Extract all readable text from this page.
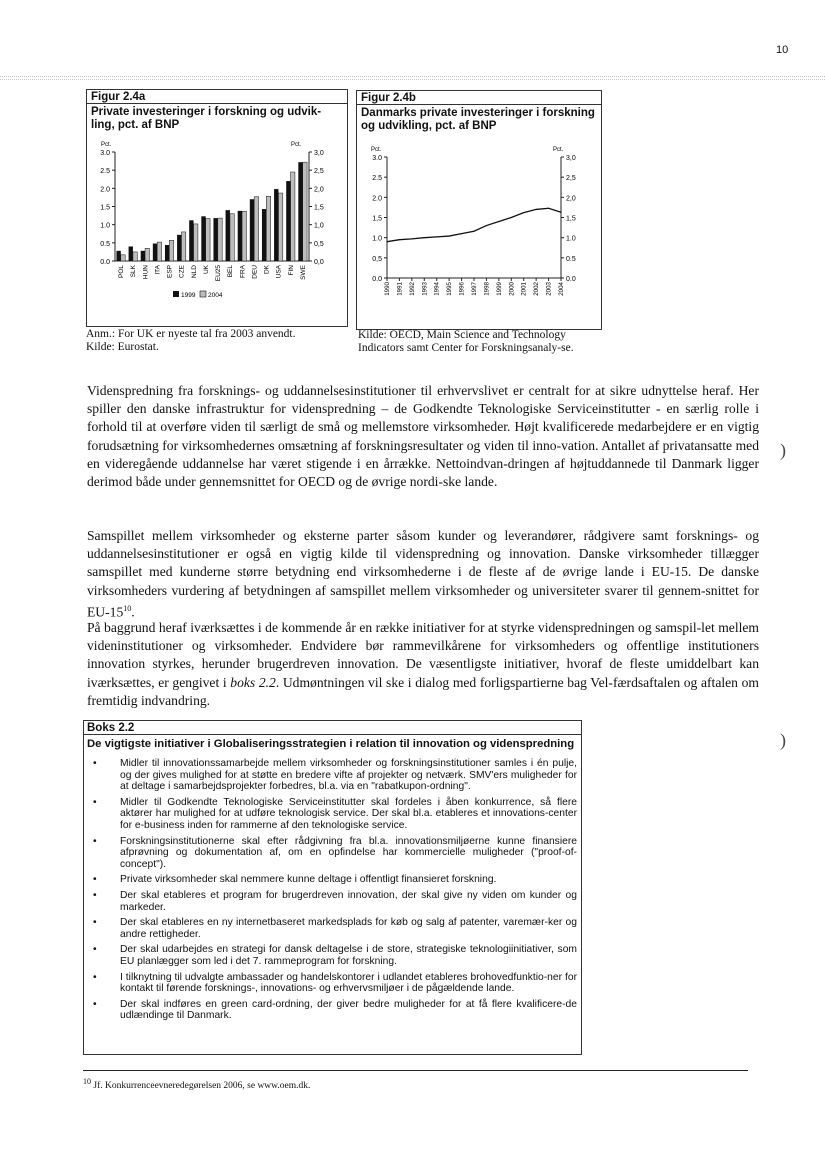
10
Figur 2.4a
Private investeringer i forskning og udvik-ling, pct. af BNP
Pct.	Pct.
0.0	0,0
0.5	0,5
1.0	1,0
1.5	1,5
2.0	2,0
2.5	2,5
3.0	3,0
POL SLK HUN ITA ESP CZE NLD UK EU25 BEL FRA DEU DK USA FIN SWE
1999 2004
Anm.: For UK er nyeste tal fra 2003 anvendt.
Kilde: Eurostat.
Figur 2.4b
Danmarks private investeringer i forskning og udvikling, pct. af BNP
Pct.	Pct.
0.0	0.0
0,5	0.5
1.0	1.0
1,5	1,5
2.0	2,0
2.5	2,5
3.0	3,0
1990 1991 1992 1993 1994 1995 1996 1997 1998 1999 2000 2001 2002 2003 2004
Kilde: OECD, Main Science and Technology Indicators samt Center for Forskningsanaly-se.
Videnspredning fra forsknings- og uddannelsesinstitutioner til erhvervslivet er centralt for at sikre udnyttelse heraf. Her spiller den danske infrastruktur for videnspredning – de Godkendte Teknologiske Serviceinstitutter - en særlig rolle i forhold til at overføre viden til særligt de små og mellemstore virksomheder. Højt kvalificerede medarbejdere er en vigtig forudsætning for virksomhedernes omsætning af forskningsresultater og viden til inno-vation. Antallet af privatansatte med en videregående uddannelse har været stigende i en årrække. Nettoindvan-dringen af højtuddannede til Danmark ligger derimod både under gennemsnittet for OECD og de øvrige nordi-ske lande.
Samspillet mellem virksomheder og eksterne parter såsom kunder og leverandører, rådgivere samt forsknings- og uddannelsesinstitutioner er også en vigtig kilde til videnspredning og innovation. Danske virksomheder tillægger samspillet med kunderne større betydning end virksomhederne i de fleste af de øvrige lande i EU-15. De danske virksomheders vurdering af betydningen af samspillet mellem virksomheder og universiteter svarer til gennem-snittet for $EU-15^{10}$.
På baggrund heraf iværksættes i de kommende år en række initiativer for at styrke videnspredningen og samspil-let mellem videninstitutioner og virksomheder. Endvidere bør rammevilkårene for virksomheders og offentlige institutioners innovation styrkes, herunder brugerdreven innovation. De væsentligste initiativer, hvoraf de fleste umiddelbart kan iværksættes, er gengivet i boks 2.2. Udmøntningen vil ske i dialog med forligspartierne bag Vel-færdsaftalen og aftalen om fremtidig indvandring.
Boks 2.2
De vigtigste initiativer i Globaliseringsstrategien i relation til innovation og videnspredning
• Midler til innovationssamarbejde mellem virksomheder og forskningsinstitutioner samles i én pulje, og der gives mulighed for at støtte en bredere vifte af projekter og netværk. SMV'ers muligheder for at deltage i samarbejdsprojekter forbedres, bl.a. via en "rabatkupon-ordning".
• Midler til Godkendte Teknologiske Serviceinstitutter skal fordeles i åben konkurrence, så flere aktører har mulighed for at udføre teknologisk service. Der skal bl.a. etableres et innovations-center for e-business inden for rammerne af den teknologiske service.
• Forskningsinstitutionerne skal efter rådgivning fra bl.a. innovationsmiljøerne kunne finansiere afprøvning og dokumentation af, om en opfindelse har kommercielle muligheder ("proof-of-concept").
• Private virksomheder skal nemmere kunne deltage i offentligt finansieret forskning.
• Der skal etableres et program for brugerdreven innovation, der skal give ny viden om kunder og markeder.
• Der skal etableres en ny internetbaseret markedsplads for køb og salg af patenter, varemær-ker og andre rettigheder.
• Der skal udarbejdes en strategi for dansk deltagelse i de store, strategiske teknologiinitiativer, som EU planlægger som led i det 7. rammeprogram for forskning.
• I tilknytning til udvalgte ambassader og handelskontorer i udlandet etableres brohovedfunktio-ner for kontakt til førende forsknings-, innovations- og erhvervsmiljøer i de pågældende lande.
• Der skal indføres en green card-ordning, der giver bedre muligheder for at få flere kvalificere-de udlændinge til Danmark.
)
)
$^{10}$ Jf. Konkurrenceevneredegørelsen 2006, se www.oem.dk.
